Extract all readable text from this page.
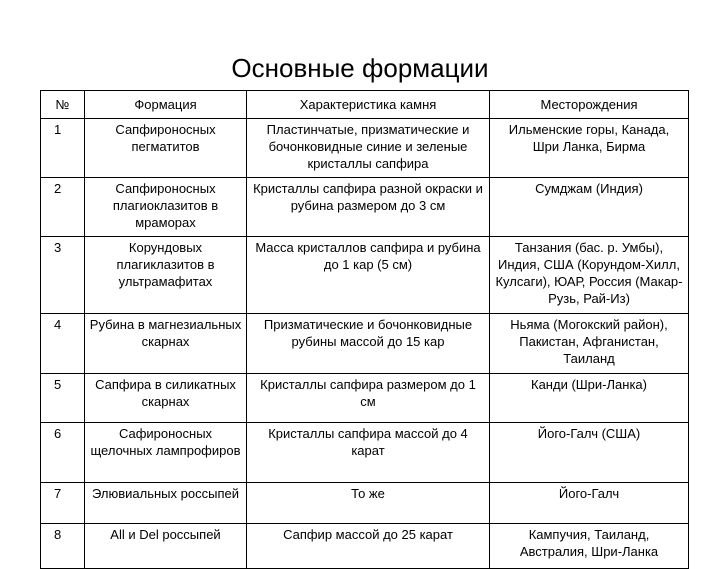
Основные формации
№	Формация	Характеристика камня	Месторождения
1	Сапфироносных пегматитов	Пластинчатые, призматические и бочонковидные синие и зеленые кристаллы сапфира	Ильменские горы, Канада, Шри Ланка, Бирма
2	Сапфироносных плагиоклазитов в мраморах	Кристаллы сапфира разной окраски и рубина размером до 3 см	Сумджам (Индия)
3	Корундовых плагиклазитов в ультрамафитах	Масса кристаллов сапфира и рубина до 1 кар (5 см)	Танзания (бас. р. Умбы), Индия, США (Корундом-Хилл, Кулсаги), ЮАР, Россия (Макар-Рузь, Рай-Из)
4	Рубина в магнезиальных скарнах	Призматические и бочонковидные рубины массой до 15 кар	Ньяма (Могокский район), Пакистан, Афганистан, Таиланд
5	Сапфира в силикатных скарнах	Кристаллы сапфира размером до 1 см	Канди (Шри-Ланка)
6	Сафироносных щелочных лампрофиров	Кристаллы сапфира массой до 4 карат	Його-Галч (США)
7	Элювиальных россыпей	То же	Його-Галч
8	All и Del россыпей	Сапфир массой до 25 карат	Кампучия, Таиланд, Австралия, Шри-Ланка
